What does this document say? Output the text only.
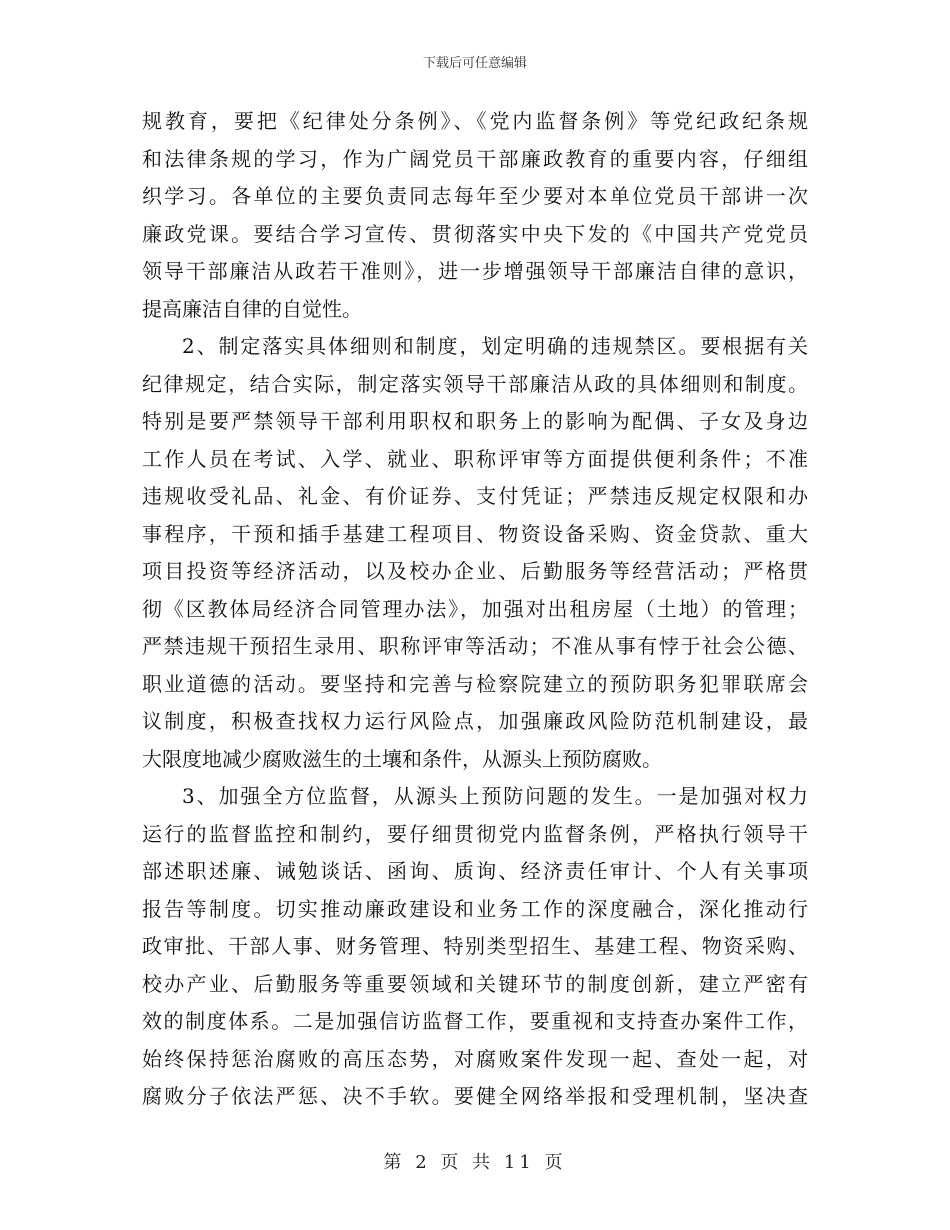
下载后可任意编辑
规教育，要把《纪律处分条例》、《党内监督条例》等党纪政纪条规
和法律条规的学习，作为广阔党员干部廉政教育的重要内容，仔细组
织学习。各单位的主要负责同志每年至少要对本单位党员干部讲一次
廉政党课。要结合学习宣传、贯彻落实中央下发的《中国共产党党员
领导干部廉洁从政若干准则》，进一步增强领导干部廉洁自律的意识，
提高廉洁自律的自觉性。
2、制定落实具体细则和制度，划定明确的违规禁区。要根据有关
纪律规定，结合实际，制定落实领导干部廉洁从政的具体细则和制度。
特别是要严禁领导干部利用职权和职务上的影响为配偶、子女及身边
工作人员在考试、入学、就业、职称评审等方面提供便利条件；不准
违规收受礼品、礼金、有价证券、支付凭证；严禁违反规定权限和办
事程序，干预和插手基建工程项目、物资设备采购、资金贷款、重大
项目投资等经济活动，以及校办企业、后勤服务等经营活动；严格贯
彻《区教体局经济合同管理办法》，加强对出租房屋（土地）的管理；
严禁违规干预招生录用、职称评审等活动；不准从事有悖于社会公德、
职业道德的活动。要坚持和完善与检察院建立的预防职务犯罪联席会
议制度，积极查找权力运行风险点，加强廉政风险防范机制建设，最
大限度地减少腐败滋生的土壤和条件，从源头上预防腐败。
3、加强全方位监督，从源头上预防问题的发生。一是加强对权力
运行的监督监控和制约，要仔细贯彻党内监督条例，严格执行领导干
部述职述廉、诫勉谈话、函询、质询、经济责任审计、个人有关事项
报告等制度。切实推动廉政建设和业务工作的深度融合，深化推动行
政审批、干部人事、财务管理、特别类型招生、基建工程、物资采购、
校办产业、后勤服务等重要领域和关键环节的制度创新，建立严密有
效的制度体系。二是加强信访监督工作，要重视和支持查办案件工作，
始终保持惩治腐败的高压态势，对腐败案件发现一起、查处一起，对
腐败分子依法严惩、决不手软。要健全网络举报和受理机制，坚决查
第 2 页 共 11 页
